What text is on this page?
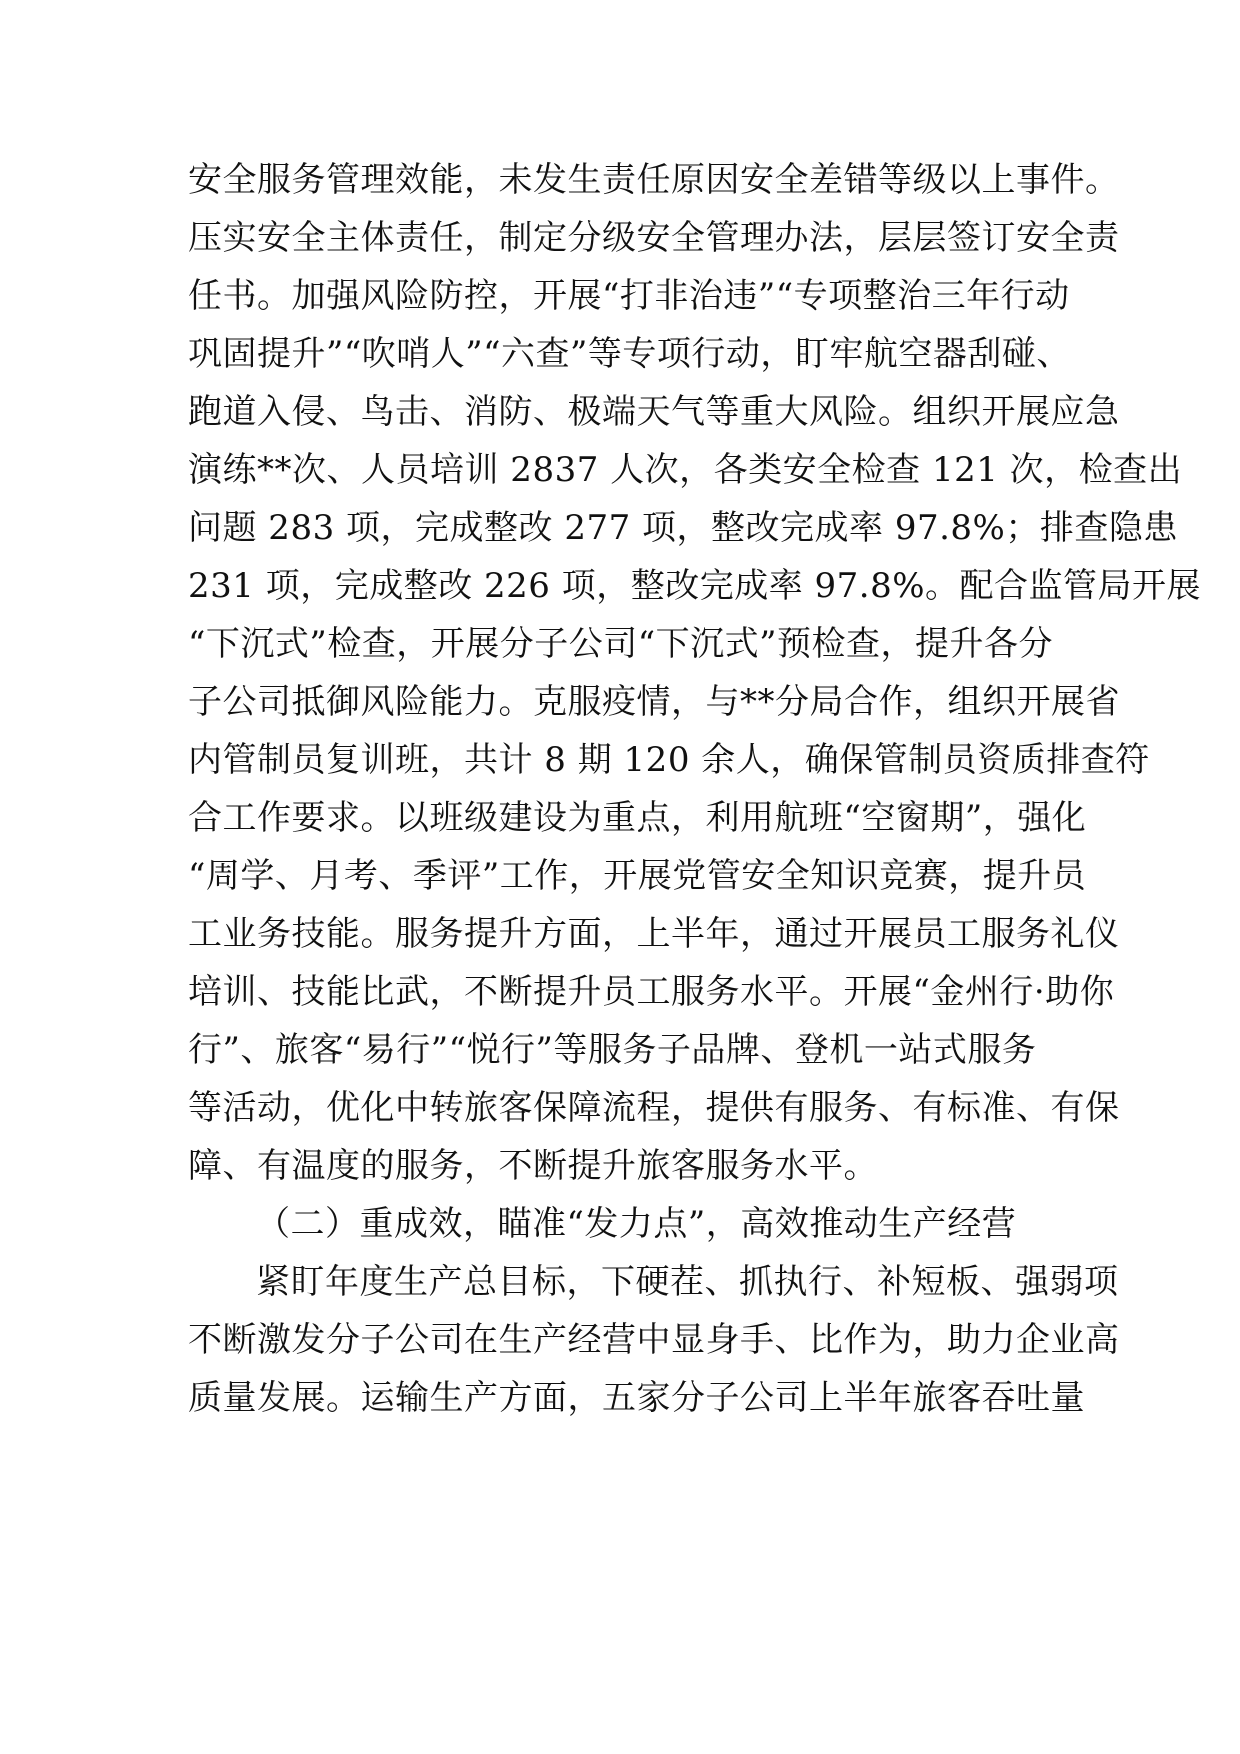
安全服务管理效能，未发生责任原因安全差错等级以上事件。

压实安全主体责任，制定分级安全管理办法，层层签订安全责

任书。加强风险防控，开展“打非治违”“专项整治三年行动

巩固提升”“吹哨人”“六查”等专项行动，盯牢航空器刮碰、

跑道入侵、鸟击、消防、极端天气等重大风险。组织开展应急

演练**次、人员培训 2837 人次，各类安全检查 121 次，检查出

问题 283 项，完成整改 277 项，整改完成率 97.8%；排查隐患

231 项，完成整改 226 项，整改完成率 97.8%。配合监管局开展

“下沉式”检查，开展分子公司“下沉式”预检查，提升各分

子公司抵御风险能力。克服疫情，与**分局合作，组织开展省

内管制员复训班，共计 8 期 120 余人，确保管制员资质排查符

合工作要求。以班级建设为重点，利用航班“空窗期”，强化

“周学、月考、季评”工作，开展党管安全知识竞赛，提升员

工业务技能。服务提升方面，上半年，通过开展员工服务礼仪

培训、技能比武，不断提升员工服务水平。开展“金州行·助你

行”、旅客“易行”“悦行”等服务子品牌、登机一站式服务

等活动，优化中转旅客保障流程，提供有服务、有标准、有保

障、有温度的服务，不断提升旅客服务水平。

（二）重成效，瞄准“发力点”，高效推动生产经营

紧盯年度生产总目标，下硬茬、抓执行、补短板、强弱项

不断激发分子公司在生产经营中显身手、比作为，助力企业高

质量发展。运输生产方面，五家分子公司上半年旅客吞吐量
